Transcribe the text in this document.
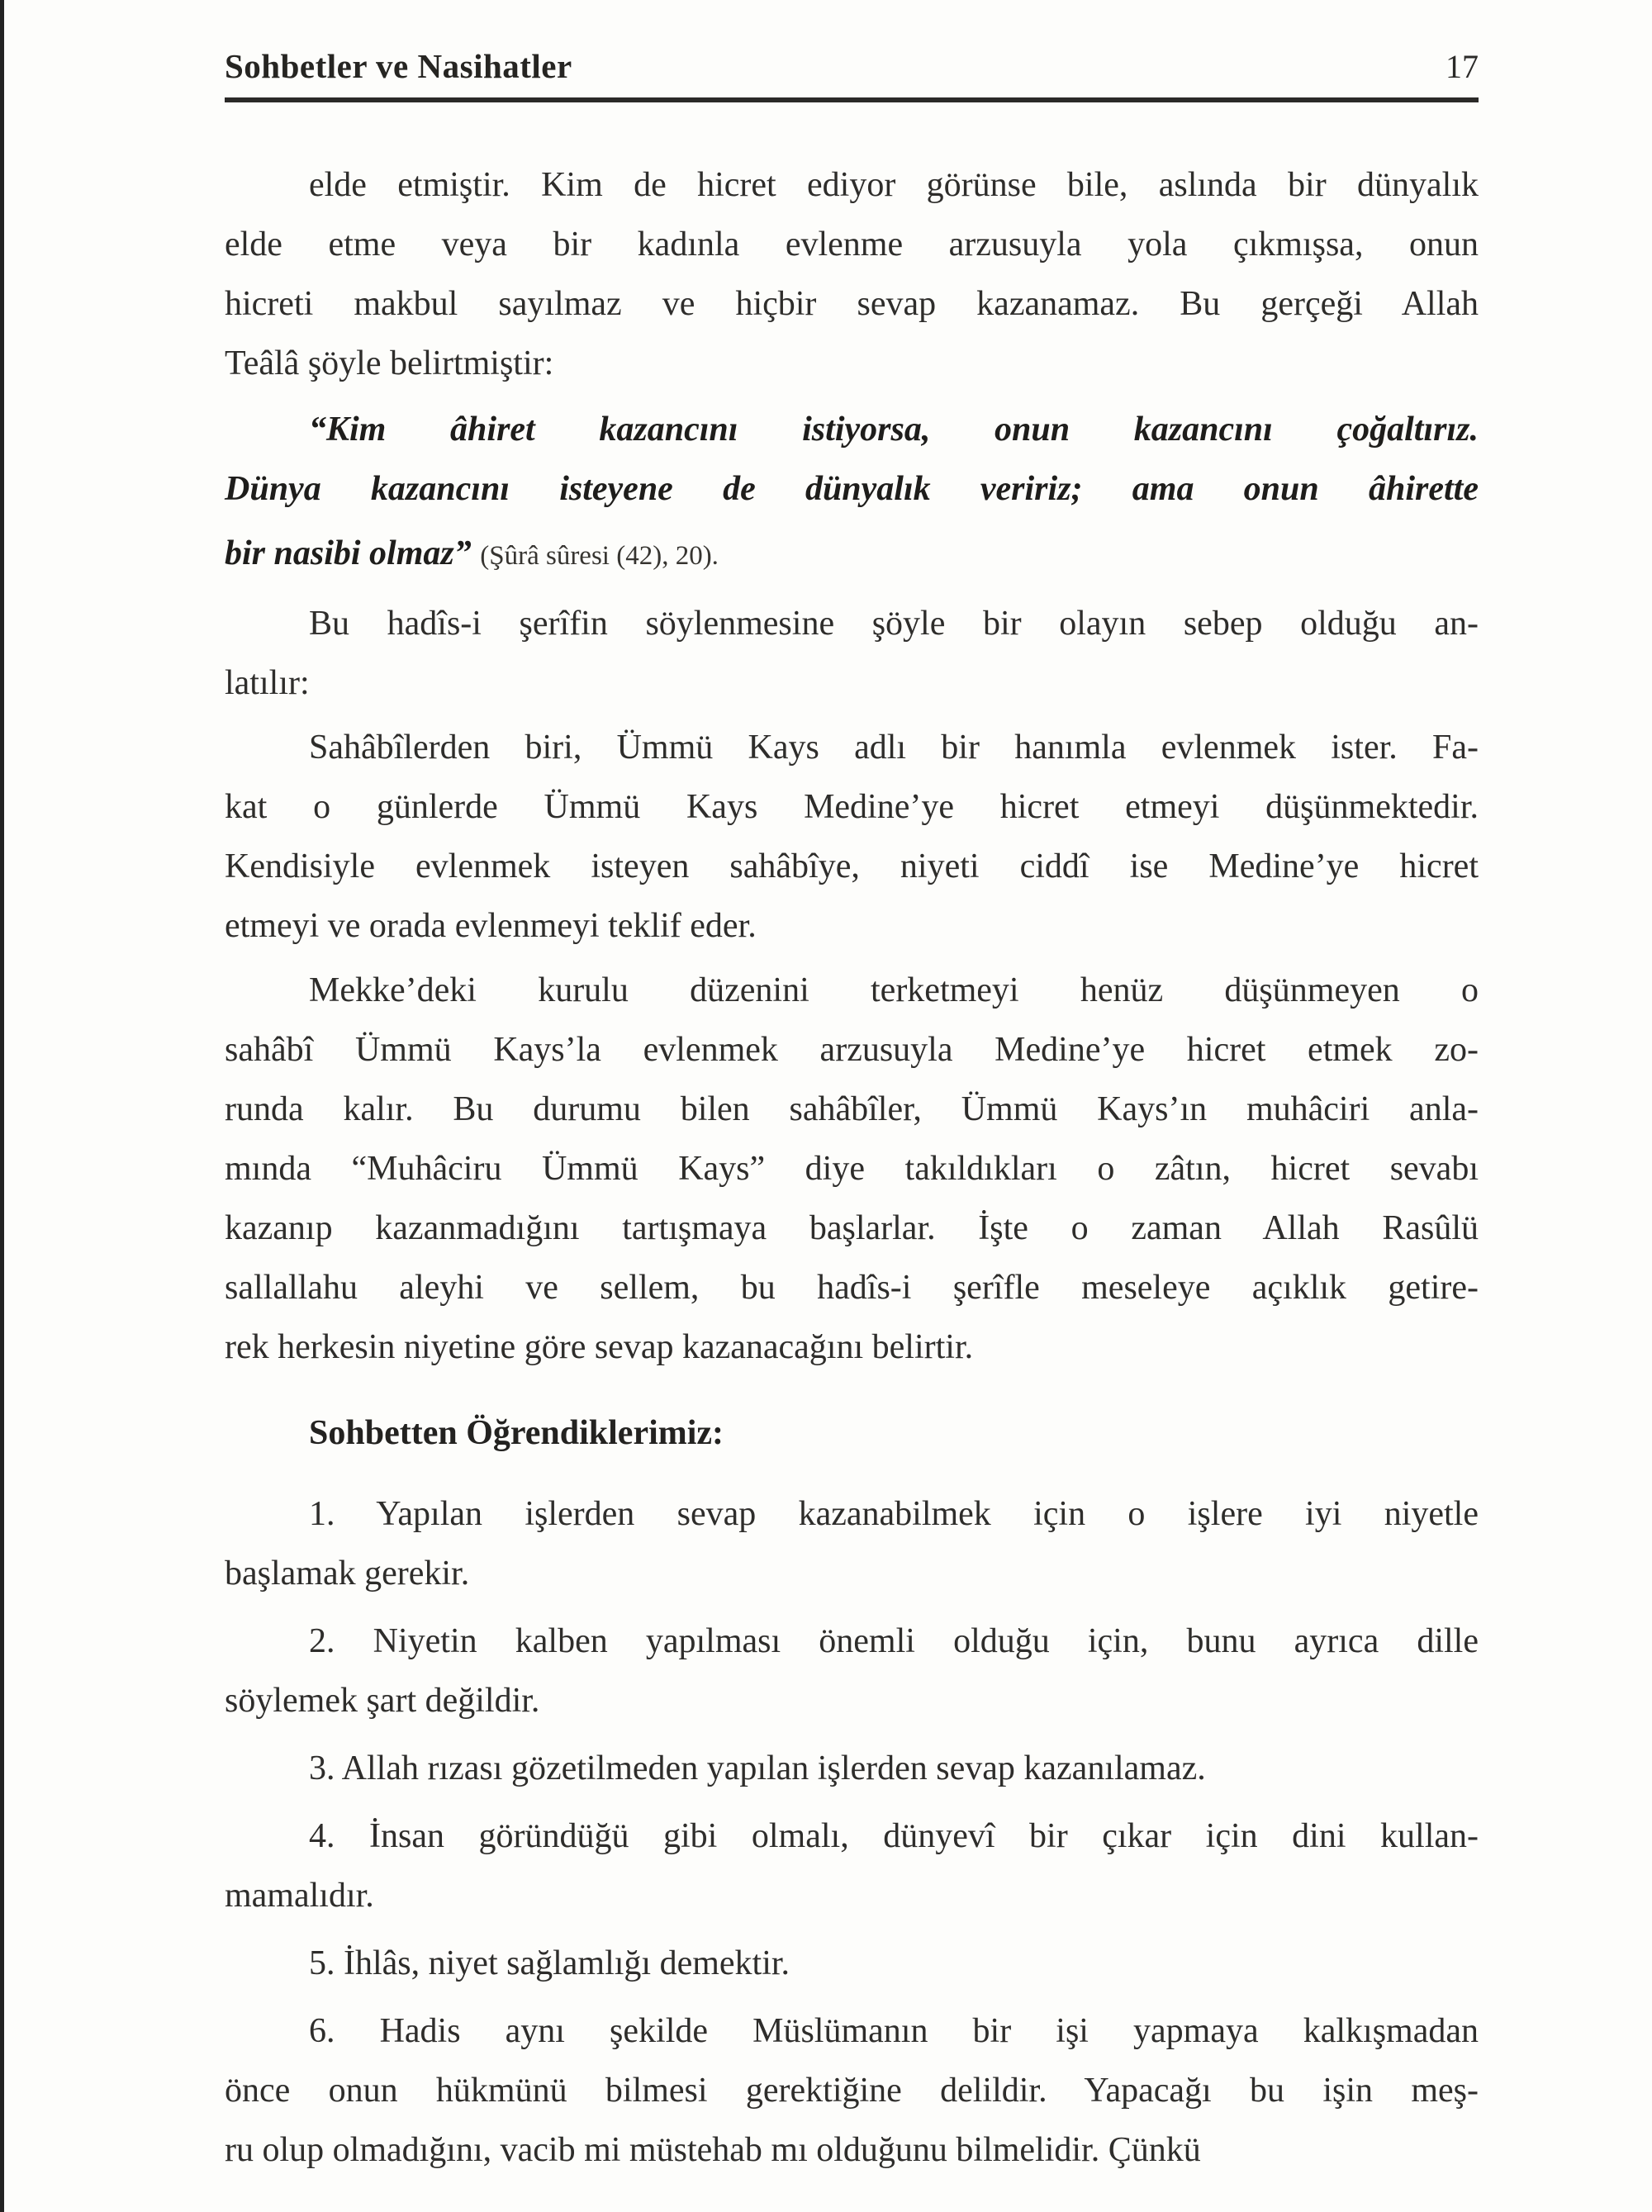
Sohbetler ve Nasihatler	17
elde etmiştir. Kim de hicret ediyor görünse bile, aslında bir dünyalık
elde etme veya bir kadınla evlenme arzusuyla yola çıkmışsa, onun
hicreti makbul sayılmaz ve hiçbir sevap kazanamaz. Bu gerçeği Allah
Teâlâ şöyle belirtmiştir:
“Kim âhiret kazancını istiyorsa, onun kazancını çoğaltırız.
Dünya kazancını isteyene de dünyalık veririz; ama onun âhirette
bir nasibi olmaz” (Şûrâ sûresi (42), 20).
Bu hadîs-i şerîfin söylenmesine şöyle bir olayın sebep olduğu an-
latılır:
Sahâbîlerden biri, Ümmü Kays adlı bir hanımla evlenmek ister. Fa-
kat o günlerde Ümmü Kays Medine’ye hicret etmeyi düşünmektedir.
Kendisiyle evlenmek isteyen sahâbîye, niyeti ciddî ise Medine’ye hicret
etmeyi ve orada evlenmeyi teklif eder.
Mekke’deki kurulu düzenini terketmeyi henüz düşünmeyen o
sahâbî Ümmü Kays’la evlenmek arzusuyla Medine’ye hicret etmek zo-
runda kalır. Bu durumu bilen sahâbîler, Ümmü Kays’ın muhâciri anla-
mında “Muhâciru Ümmü Kays” diye takıldıkları o zâtın, hicret sevabı
kazanıp kazanmadığını tartışmaya başlarlar. İşte o zaman Allah Rasûlü
sallallahu aleyhi ve sellem, bu hadîs-i şerîfle meseleye açıklık getire-
rek herkesin niyetine göre sevap kazanacağını belirtir.
Sohbetten Öğrendiklerimiz:
1. Yapılan işlerden sevap kazanabilmek için o işlere iyi niyetle
başlamak gerekir.
2. Niyetin kalben yapılması önemli olduğu için, bunu ayrıca dille
söylemek şart değildir.
3. Allah rızası gözetilmeden yapılan işlerden sevap kazanılamaz.
4. İnsan göründüğü gibi olmalı, dünyevî bir çıkar için dini kullan-
mamalıdır.
5. İhlâs, niyet sağlamlığı demektir.
6. Hadis aynı şekilde Müslümanın bir işi yapmaya kalkışmadan
önce onun hükmünü bilmesi gerektiğine delildir. Yapacağı bu işin meş-
ru olup olmadığını, vacib mi müstehab mı olduğunu bilmelidir. Çünkü
